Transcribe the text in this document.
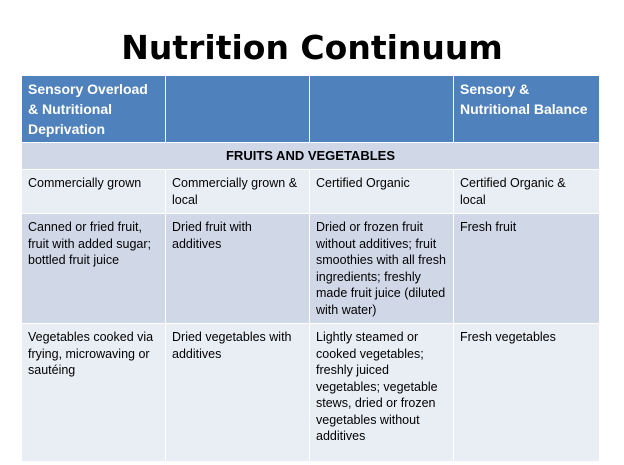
Nutrition Continuum
Sensory Overload & Nutritional Deprivation			Sensory & Nutritional Balance
FRUITS AND VEGETABLES			
Commercially grown	Commercially grown & local	Certified Organic	Certified Organic & local
Canned or fried fruit, fruit with added sugar; bottled fruit juice	Dried fruit with additives	Dried or frozen fruit without additives; fruit smoothies with all fresh ingredients; freshly made fruit juice (diluted with water)	Fresh fruit
Vegetables cooked via frying, microwaving or sautéing	Dried vegetables with additives	Lightly steamed or cooked vegetables; freshly juiced vegetables; vegetable stews, dried or frozen vegetables without additives	Fresh vegetables
